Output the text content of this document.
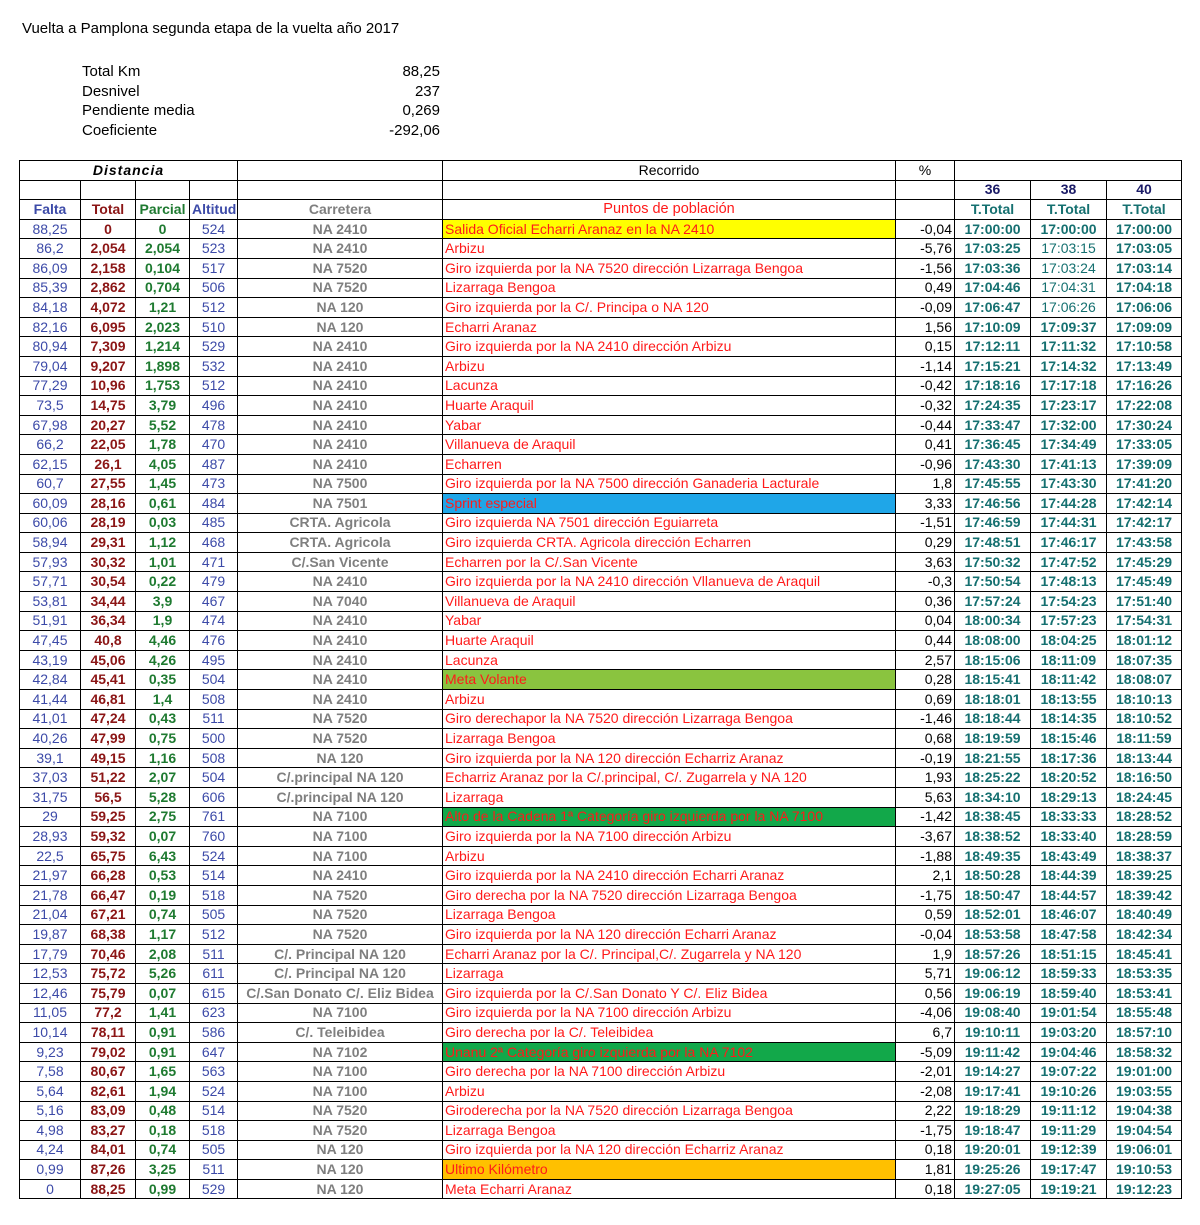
Vuelta a Pamplona segunda etapa de la vuelta año 2017
Total Km	88,25
Desnivel	237
Pendiente media	0,269
Coeficiente	-292,06
Distancia					Recorrido	%			
							36	38	40
Falta	Total	Parcial	Altitud	Carretera	Puntos de población		T.Total	T.Total	T.Total
88,25	0	0	524	NA 2410	Salida Oficial Echarri Aranaz en la NA 2410	-0,04	17:00:00	17:00:00	17:00:00
86,2	2,054	2,054	523	NA 2410	Arbizu	-5,76	17:03:25	17:03:15	17:03:05
86,09	2,158	0,104	517	NA 7520	Giro izquierda por la NA 7520 dirección Lizarraga Bengoa	-1,56	17:03:36	17:03:24	17:03:14
85,39	2,862	0,704	506	NA 7520	Lizarraga Bengoa	0,49	17:04:46	17:04:31	17:04:18
84,18	4,072	1,21	512	NA 120	Giro izquierda por la C/. Principa o NA 120	-0,09	17:06:47	17:06:26	17:06:06
82,16	6,095	2,023	510	NA 120	Echarri Aranaz	1,56	17:10:09	17:09:37	17:09:09
80,94	7,309	1,214	529	NA 2410	Giro izquierda por la NA 2410 dirección Arbizu	0,15	17:12:11	17:11:32	17:10:58
79,04	9,207	1,898	532	NA 2410	Arbizu	-1,14	17:15:21	17:14:32	17:13:49
77,29	10,96	1,753	512	NA 2410	Lacunza	-0,42	17:18:16	17:17:18	17:16:26
73,5	14,75	3,79	496	NA 2410	Huarte Araquil	-0,32	17:24:35	17:23:17	17:22:08
67,98	20,27	5,52	478	NA 2410	Yabar	-0,44	17:33:47	17:32:00	17:30:24
66,2	22,05	1,78	470	NA 2410	Villanueva de Araquil	0,41	17:36:45	17:34:49	17:33:05
62,15	26,1	4,05	487	NA 2410	Echarren	-0,96	17:43:30	17:41:13	17:39:09
60,7	27,55	1,45	473	NA 7500	Giro izquierda por la NA 7500 dirección Ganaderia Lacturale	1,8	17:45:55	17:43:30	17:41:20
60,09	28,16	0,61	484	NA 7501	Sprint especial	3,33	17:46:56	17:44:28	17:42:14
60,06	28,19	0,03	485	CRTA. Agricola	Giro izquierda NA 7501 dirección Eguiarreta	-1,51	17:46:59	17:44:31	17:42:17
58,94	29,31	1,12	468	CRTA. Agricola	Giro izquierda CRTA. Agricola dirección Echarren	0,29	17:48:51	17:46:17	17:43:58
57,93	30,32	1,01	471	C/.San Vicente	Echarren por la C/.San Vicente	3,63	17:50:32	17:47:52	17:45:29
57,71	30,54	0,22	479	NA 2410	Giro izquierda por la NA 2410 dirección Vllanueva de Araquil	-0,3	17:50:54	17:48:13	17:45:49
53,81	34,44	3,9	467	NA 7040	Villanueva de Araquil	0,36	17:57:24	17:54:23	17:51:40
51,91	36,34	1,9	474	NA 2410	Yabar	0,04	18:00:34	17:57:23	17:54:31
47,45	40,8	4,46	476	NA 2410	Huarte Araquil	0,44	18:08:00	18:04:25	18:01:12
43,19	45,06	4,26	495	NA 2410	Lacunza	2,57	18:15:06	18:11:09	18:07:35
42,84	45,41	0,35	504	NA 2410	Meta Volante	0,28	18:15:41	18:11:42	18:08:07
41,44	46,81	1,4	508	NA 2410	Arbizu	0,69	18:18:01	18:13:55	18:10:13
41,01	47,24	0,43	511	NA 7520	Giro derechapor la NA 7520 dirección Lizarraga Bengoa	-1,46	18:18:44	18:14:35	18:10:52
40,26	47,99	0,75	500	NA 7520	Lizarraga Bengoa	0,68	18:19:59	18:15:46	18:11:59
39,1	49,15	1,16	508	NA 120	Giro izquierda por la NA 120 dirección Echarriz Aranaz	-0,19	18:21:55	18:17:36	18:13:44
37,03	51,22	2,07	504	C/.principal NA 120	Echarriz Aranaz por la C/.principal, C/. Zugarrela y NA 120	1,93	18:25:22	18:20:52	18:16:50
31,75	56,5	5,28	606	C/.principal NA 120	Lizarraga	5,63	18:34:10	18:29:13	18:24:45
29	59,25	2,75	761	NA 7100	Alto de la Cadena 1ª Categoría giro izquierda por la NA 7100	-1,42	18:38:45	18:33:33	18:28:52
28,93	59,32	0,07	760	NA 7100	Giro izquierda por la NA 7100 dirección Arbizu	-3,67	18:38:52	18:33:40	18:28:59
22,5	65,75	6,43	524	NA 7100	Arbizu	-1,88	18:49:35	18:43:49	18:38:37
21,97	66,28	0,53	514	NA 2410	Giro izquierda por la NA 2410 dirección Echarri Aranaz	2,1	18:50:28	18:44:39	18:39:25
21,78	66,47	0,19	518	NA 7520	Giro derecha por la NA 7520 dirección Lizarraga Bengoa	-1,75	18:50:47	18:44:57	18:39:42
21,04	67,21	0,74	505	NA 7520	Lizarraga Bengoa	0,59	18:52:01	18:46:07	18:40:49
19,87	68,38	1,17	512	NA 7520	Giro izquierda por la NA 120 dirección Echarri Aranaz	-0,04	18:53:58	18:47:58	18:42:34
17,79	70,46	2,08	511	C/. Principal NA 120	Echarri Aranaz por la C/. Principal,C/. Zugarrela y NA 120	1,9	18:57:26	18:51:15	18:45:41
12,53	75,72	5,26	611	C/. Principal NA 120	Lizarraga	5,71	19:06:12	18:59:33	18:53:35
12,46	75,79	0,07	615	C/.San Donato C/. Eliz Bidea	Giro izquierda por la C/.San Donato Y C/. Eliz Bidea	0,56	19:06:19	18:59:40	18:53:41
11,05	77,2	1,41	623	NA 7100	Giro izquierda por la NA 7100 dirección Arbizu	-4,06	19:08:40	19:01:54	18:55:48
10,14	78,11	0,91	586	C/. Teleibidea	Giro derecha por la C/. Teleibidea	6,7	19:10:11	19:03:20	18:57:10
9,23	79,02	0,91	647	NA 7102	Unanu 2ª Categoría giro izquierda por la NA 7102	-5,09	19:11:42	19:04:46	18:58:32
7,58	80,67	1,65	563	NA 7100	Giro derecha por la NA 7100 dirección Arbizu	-2,01	19:14:27	19:07:22	19:01:00
5,64	82,61	1,94	524	NA 7100	Arbizu	-2,08	19:17:41	19:10:26	19:03:55
5,16	83,09	0,48	514	NA 7520	Giroderecha por la NA 7520 dirección Lizarraga Bengoa	2,22	19:18:29	19:11:12	19:04:38
4,98	83,27	0,18	518	NA 7520	Lizarraga Bengoa	-1,75	19:18:47	19:11:29	19:04:54
4,24	84,01	0,74	505	NA 120	Giro izquierda por la NA 120 dirección Echarriz Aranaz	0,18	19:20:01	19:12:39	19:06:01
0,99	87,26	3,25	511	NA 120	Ultimo Kilómetro	1,81	19:25:26	19:17:47	19:10:53
0	88,25	0,99	529	NA 120	Meta Echarri Aranaz	0,18	19:27:05	19:19:21	19:12:23
